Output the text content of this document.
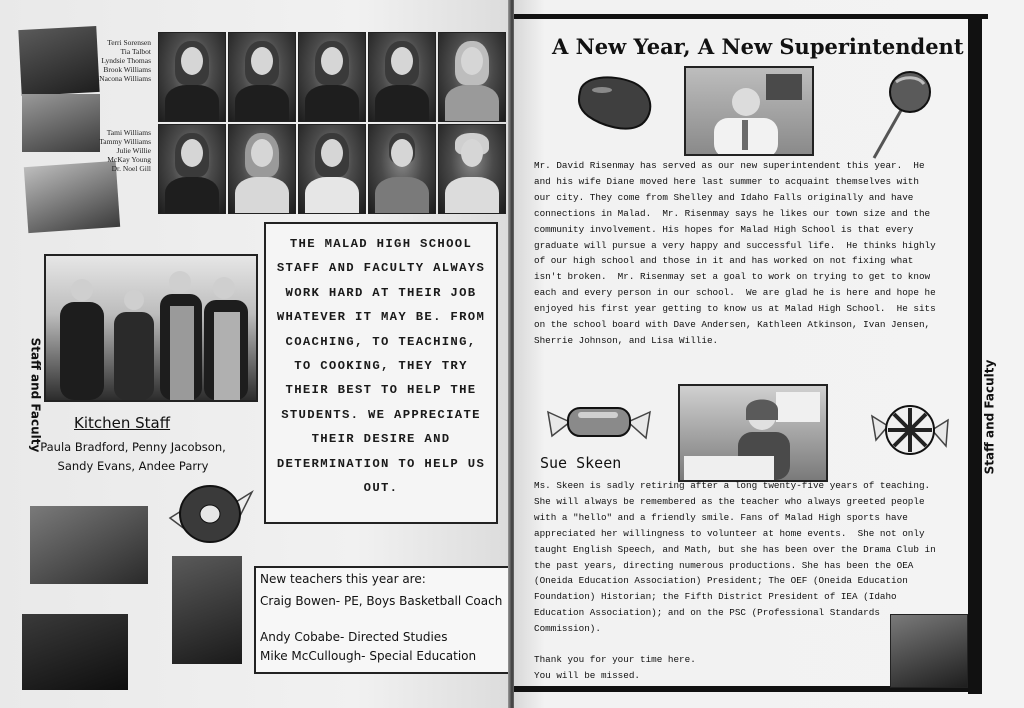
Terri Sorensen
Tia Talbot
Lyndsie Thomas
Brook Williams
Nacona Williams
Tami Williams
Tammy Williams
Julie Willie
McKay Young
Dr. Noel Gill
Staff and Faculty Kitchen Staff
Paula Bradford, Penny Jacobson, Sandy Evans, Andee Parry
THE MALAD HIGH SCHOOL STAFF AND FACULTY ALWAYS WORK HARD AT THEIR JOB WHATEVER IT MAY BE. FROM COACHING, TO TEACHING, TO COOKING, THEY TRY THEIR BEST TO HELP THE STUDENTS. WE APPRECIATE THEIR DESIRE AND DETERMINATION TO HELP US OUT.
New teachers this year are:
Craig Bowen- PE, Boys Basketball Coach
Andy Cobabe- Directed Studies
Mike McCullough- Special Education
Staff and Faculty
A New Year, A New Superintendent
Mr. David Risenmay has served as our new superintendent this year.  He and his wife Diane moved here last summer to acquaint themselves with our city. They come from Shelley and Idaho Falls originally and have connections in Malad.  Mr. Risenmay says he likes our town size and the community involvement. His hopes for Malad High School is that every graduate will pursue a very happy and successful life.  He thinks highly of our high school and those in it and has worked on not fixing what isn't broken.  Mr. Risenmay set a goal to work on trying to get to know each and every person in our school.  We are glad he is here and hope he enjoyed his first year getting to know us at Malad High School.  He sits on the school board with Dave Andersen, Kathleen Atkinson, Ivan Jensen, Sherrie Johnson, and Lisa Willie.
Sue Skeen
Ms. Skeen is sadly retiring after a long twenty-five years of teaching. She will always be remembered as the teacher who always greeted people with a "hello" and a friendly smile. Fans of Malad High sports have appreciated her willingness to volunteer at home events.  She not only taught English Speech, and Math, but she has been over the Drama Club in the past years, directing numerous productions. She has been the OEA (Oneida Education Association) President; The OEF (Oneida Education Foundation) Historian; the Fifth District President of IEA (Idaho Education Association); and on the PSC (Professional Standards Commission).
Thank you for your time here.
You will be missed.
